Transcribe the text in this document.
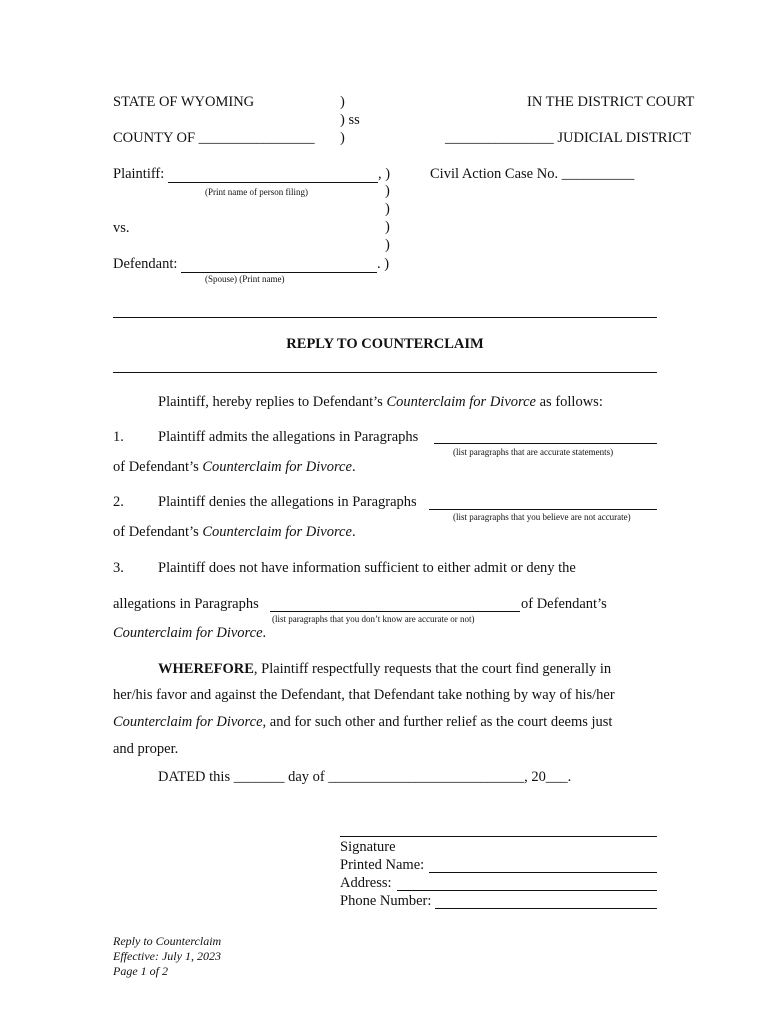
STATE OF WYOMING	)
) ss
)
COUNTY OF ________________
IN THE DISTRICT COURT
_______________ JUDICIAL DISTRICT
Plaintiff:	, )
(Print name of person filing)	)
)
)
)
Civil Action Case No. __________
vs.
Defendant:	. )
(Spouse) (Print name)
REPLY TO COUNTERCLAIM
Plaintiff, hereby replies to Defendant’s Counterclaim for Divorce as follows:
1. Plaintiff admits the allegations in Paragraphs
(list paragraphs that are accurate statements)
of Defendant’s Counterclaim for Divorce.
2. Plaintiff denies the allegations in Paragraphs
(list paragraphs that you believe are not accurate)
of Defendant’s Counterclaim for Divorce.
3. Plaintiff does not have information sufficient to either admit or deny the
allegations in Paragraphs	of Defendant’s
(list paragraphs that you don’t know are accurate or not)
Counterclaim for Divorce.
WHEREFORE, Plaintiff respectfully requests that the court find generally in
her/his favor and against the Defendant, that Defendant take nothing by way of his/her
Counterclaim for Divorce, and for such other and further relief as the court deems just
and proper.
DATED this _______ day of ___________________________, 20___.
Signature
Printed Name:
Address:
Phone Number:
Reply to Counterclaim
Effective: July 1, 2023
Page 1 of 2
